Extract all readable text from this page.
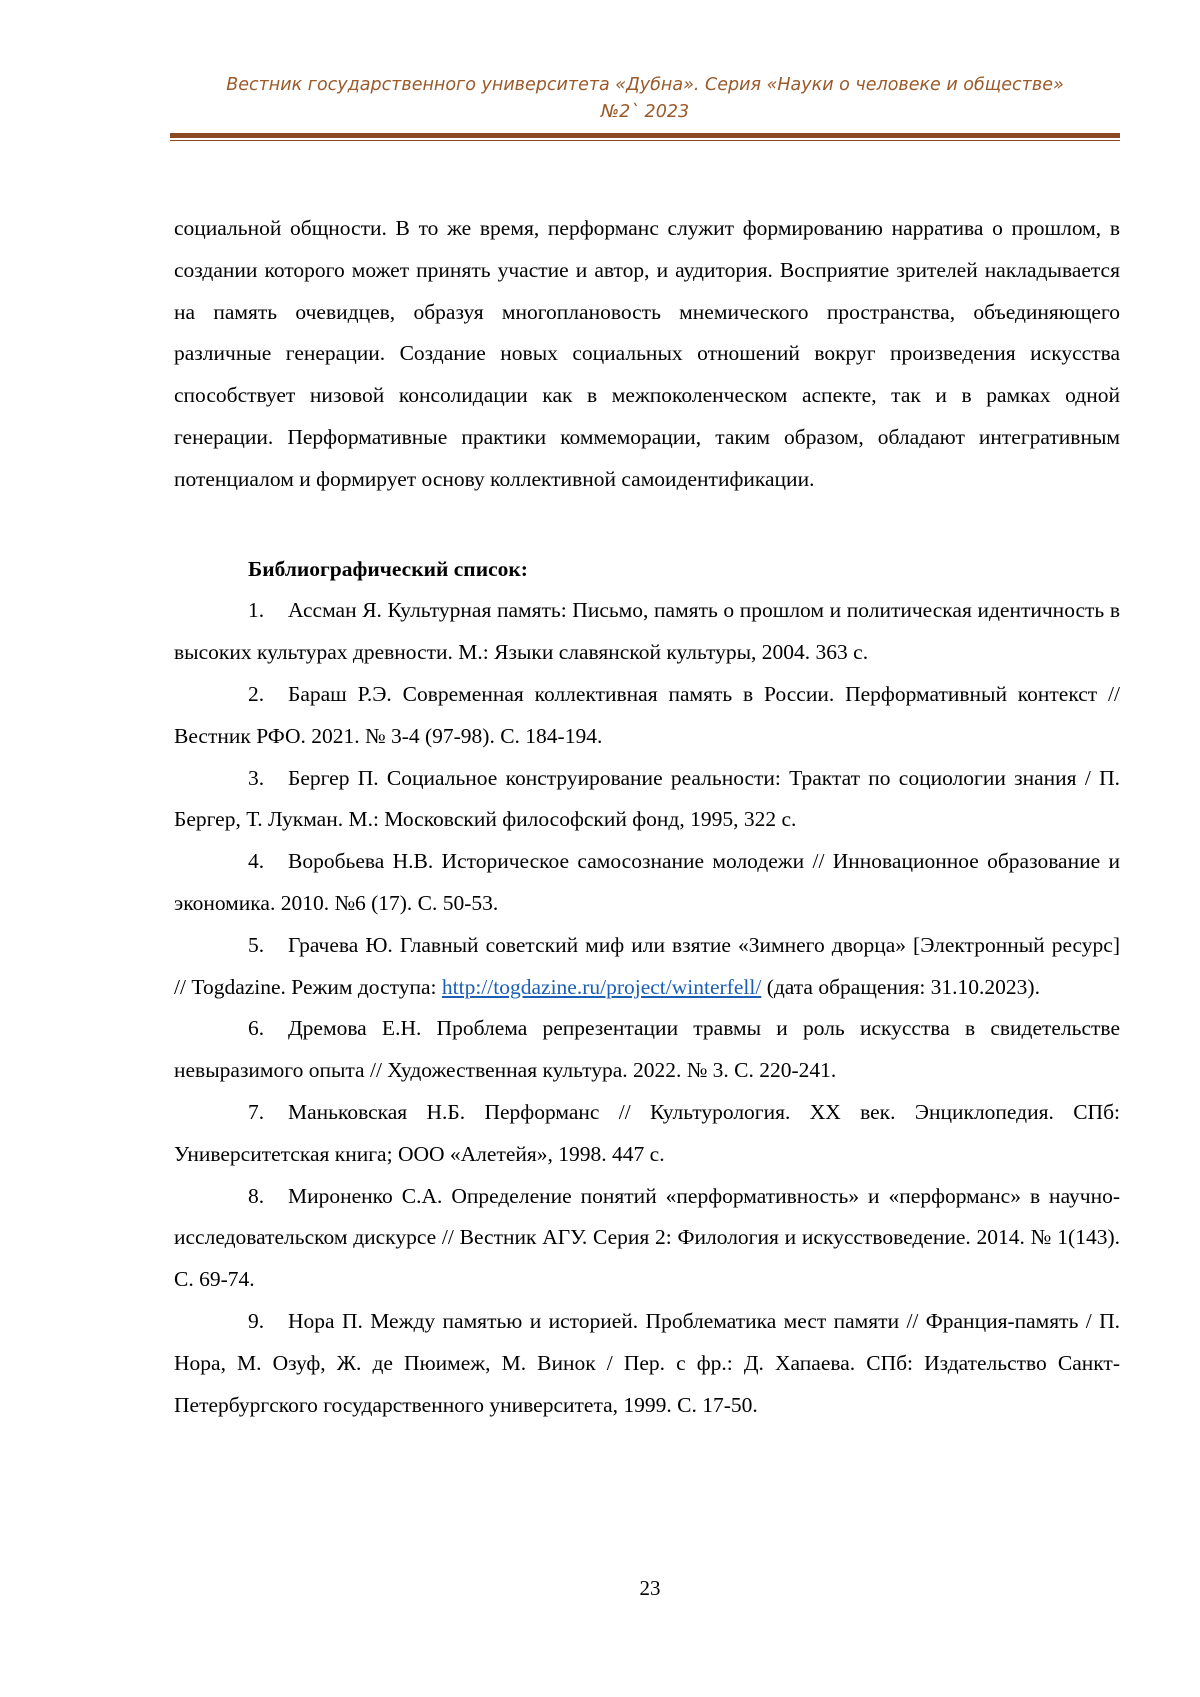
Вестник государственного университета «Дубна». Серия «Науки о человеке и обществе»
№2` 2023

социальной общности. В то же время, перформанс служит формированию нарратива о прошлом, в создании которого может принять участие и автор, и аудитория. Восприятие зрителей накладывается на память очевидцев, образуя многоплановость мнемического пространства, объединяющего различные генерации. Создание новых социальных отношений вокруг произведения искусства способствует низовой консолидации как в межпоколенческом аспекте, так и в рамках одной генерации. Перформативные практики коммеморации, таким образом, обладают интегративным потенциалом и формирует основу коллективной самоидентификации.

Библиографический список:

1. Ассман Я. Культурная память: Письмо, память о прошлом и политическая идентичность в высоких культурах древности. М.: Языки славянской культуры, 2004. 363 с.

2. Бараш Р.Э. Современная коллективная память в России. Перформативный контекст // Вестник РФО. 2021. № 3-4 (97-98). С. 184-194.

3. Бергер П. Социальное конструирование реальности: Трактат по социологии знания / П. Бергер, Т. Лукман. М.: Московский философский фонд, 1995, 322 с.

4. Воробьева Н.В. Историческое самосознание молодежи // Инновационное образование и экономика. 2010. №6 (17). С. 50-53.

5. Грачева Ю. Главный советский миф или взятие «Зимнего дворца» [Электронный ресурс] // Togdazine. Режим доступа: http://togdazine.ru/project/winterfell/ (дата обращения: 31.10.2023).

6. Дремова Е.Н. Проблема репрезентации травмы и роль искусства в свидетельстве невыразимого опыта // Художественная культура. 2022. № 3. С. 220-241.

7. Маньковская Н.Б. Перформанс // Культурология. XX век. Энциклопедия. СПб: Университетская книга; ООО «Алетейя», 1998. 447 с.

8. Мироненко С.А. Определение понятий «перформативность» и «перформанс» в научно-исследовательском дискурсе // Вестник АГУ. Серия 2: Филология и искусствоведение. 2014. № 1(143). С. 69-74.

9. Нора П. Между памятью и историей. Проблематика мест памяти // Франция-память / П. Нора, М. Озуф, Ж. де Пюимеж, М. Винок / Пер. с фр.: Д. Хапаева. СПб: Издательство Санкт-Петербургского государственного университета, 1999. С. 17-50.

23
